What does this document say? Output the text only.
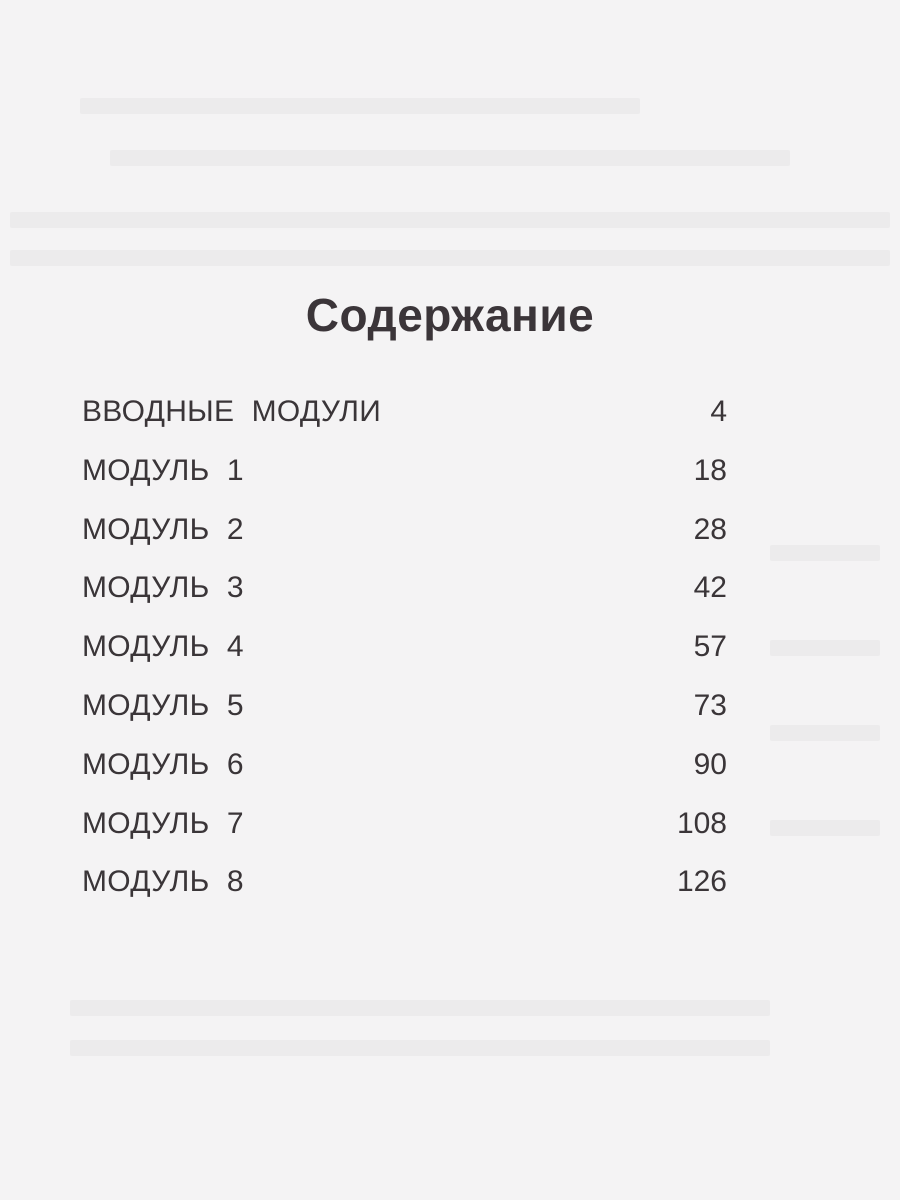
Содержание
ВВОДНЫЕ  МОДУЛИ	4
МОДУЛЬ  1	18
МОДУЛЬ  2	28
МОДУЛЬ  3	42
МОДУЛЬ  4	57
МОДУЛЬ  5	73
МОДУЛЬ  6	90
МОДУЛЬ  7	108
МОДУЛЬ  8	126
